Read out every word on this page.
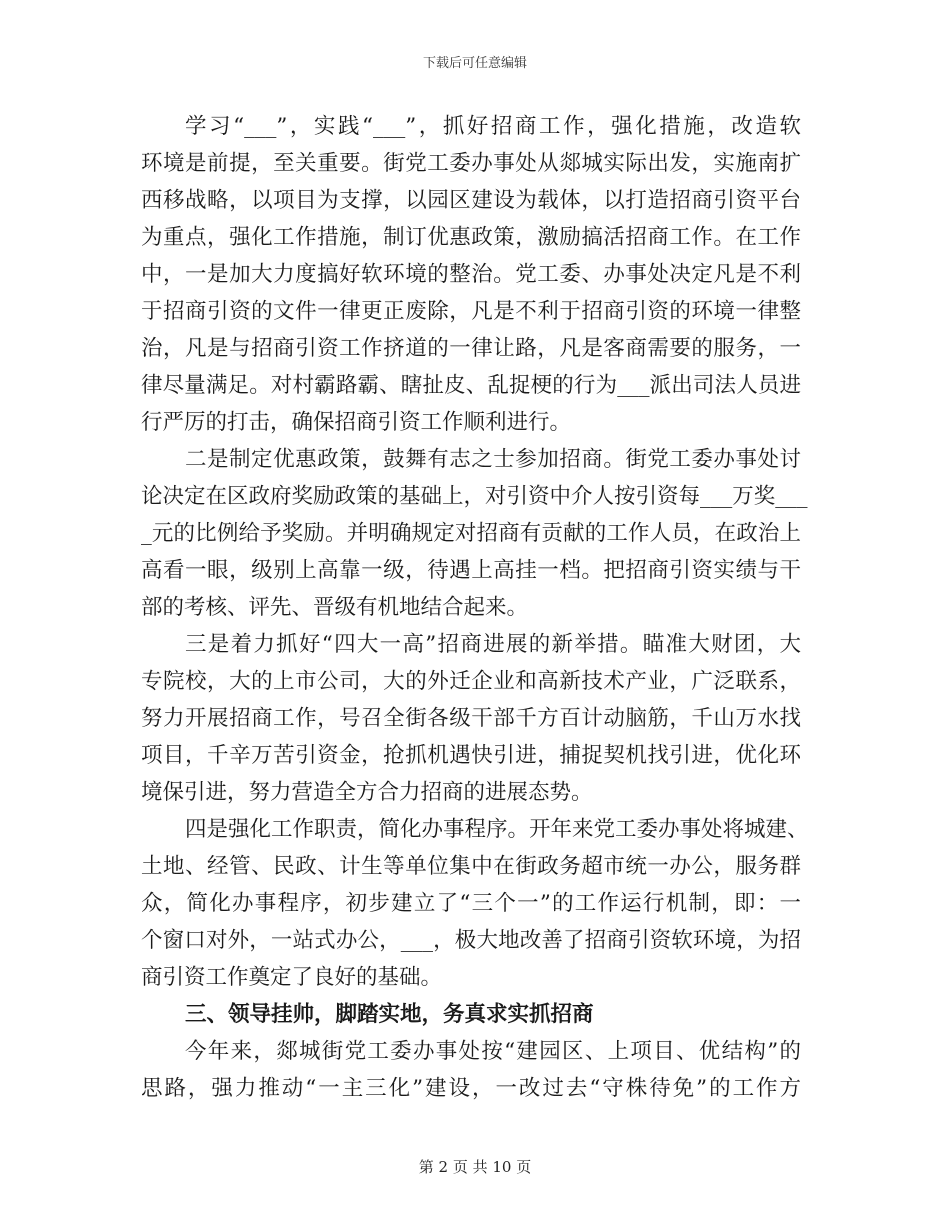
下载后可任意编辑
学习“___”，实践“___”，抓好招商工作，强化措施，改造软
环境是前提，至关重要。街党工委办事处从郯城实际出发，实施南扩
西移战略，以项目为支撑，以园区建设为载体，以打造招商引资平台
为重点，强化工作措施，制订优惠政策，激励搞活招商工作。在工作
中，一是加大力度搞好软环境的整治。党工委、办事处决定凡是不利
于招商引资的文件一律更正废除，凡是不利于招商引资的环境一律整
治，凡是与招商引资工作挤道的一律让路，凡是客商需要的服务，一
律尽量满足。对村霸路霸、瞎扯皮、乱捉梗的行为___派出司法人员进
行严厉的打击，确保招商引资工作顺利进行。
二是制定优惠政策，鼓舞有志之士参加招商。街党工委办事处讨
论决定在区政府奖励政策的基础上，对引资中介人按引资每___万奖___
_元的比例给予奖励。并明确规定对招商有贡献的工作人员，在政治上
高看一眼，级别上高靠一级，待遇上高挂一档。把招商引资实绩与干
部的考核、评先、晋级有机地结合起来。
三是着力抓好“四大一高”招商进展的新举措。瞄准大财团，大
专院校，大的上市公司，大的外迁企业和高新技术产业，广泛联系，
努力开展招商工作，号召全街各级干部千方百计动脑筋，千山万水找
项目，千辛万苦引资金，抢抓机遇快引进，捕捉契机找引进，优化环
境保引进，努力营造全方合力招商的进展态势。
四是强化工作职责，简化办事程序。开年来党工委办事处将城建、
土地、经管、民政、计生等单位集中在街政务超市统一办公，服务群
众，简化办事程序，初步建立了“三个一”的工作运行机制，即：一
个窗口对外，一站式办公，___，极大地改善了招商引资软环境，为招
商引资工作奠定了良好的基础。
三、领导挂帅，脚踏实地，务真求实抓招商
今年来，郯城街党工委办事处按“建园区、上项目、优结构”的
思路，强力推动“一主三化”建设，一改过去“守株待免”的工作方
第 2 页 共 10 页
